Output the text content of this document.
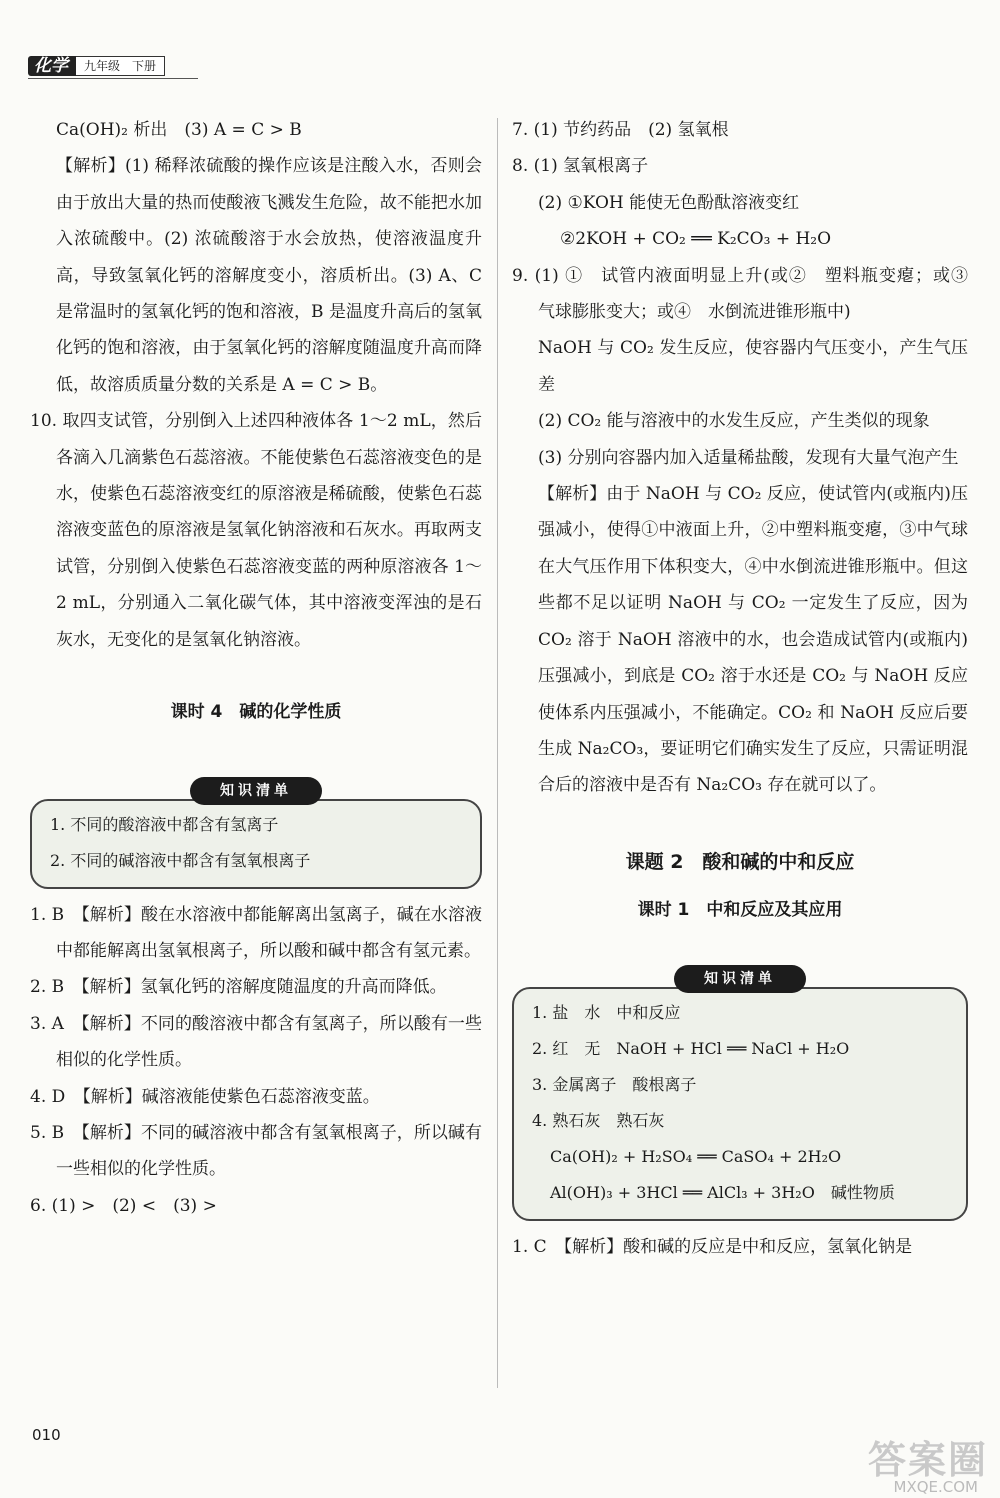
化学	九年级　下册

Ca(OH)₂ 析出　(3) A = C > B

【解析】(1) 稀释浓硫酸的操作应该是注酸入水，否则会由于放出大量的热而使酸液飞溅发生危险，故不能把水加入浓硫酸中。(2) 浓硫酸溶于水会放热，使溶液温度升高，导致氢氧化钙的溶解度变小，溶质析出。(3) A、C 是常温时的氢氧化钙的饱和溶液，B 是温度升高后的氢氧化钙的饱和溶液，由于氢氧化钙的溶解度随温度升高而降低，故溶质质量分数的关系是 A = C > B。

10. 取四支试管，分别倒入上述四种液体各 1～2 mL，然后各滴入几滴紫色石蕊溶液。不能使紫色石蕊溶液变色的是水，使紫色石蕊溶液变红的原溶液是稀硫酸，使紫色石蕊溶液变蓝色的原溶液是氢氧化钠溶液和石灰水。再取两支试管，分别倒入使紫色石蕊溶液变蓝的两种原溶液各 1～2 mL，分别通入二氧化碳气体，其中溶液变浑浊的是石灰水，无变化的是氢氧化钠溶液。

课时 4　碱的化学性质

知识清单
1. 不同的酸溶液中都含有氢离子
2. 不同的碱溶液中都含有氢氧根离子

1. B　【解析】酸在水溶液中都能解离出氢离子，碱在水溶液中都能解离出氢氧根离子，所以酸和碱中都含有氢元素。

2. B　【解析】氢氧化钙的溶解度随温度的升高而降低。

3. A　【解析】不同的酸溶液中都含有氢离子，所以酸有一些相似的化学性质。

4. D　【解析】碱溶液能使紫色石蕊溶液变蓝。

5. B　【解析】不同的碱溶液中都含有氢氧根离子，所以碱有一些相似的化学性质。

6. (1) >　(2) <　(3) >

7. (1) 节约药品　(2) 氢氧根

8. (1) 氢氧根离子

(2) ①KOH 能使无色酚酞溶液变红

②2KOH + CO₂ ══ K₂CO₃ + H₂O

9. (1) ①　试管内液面明显上升(或②　塑料瓶变瘪；或③　气球膨胀变大；或④　水倒流进锥形瓶中)

NaOH 与 CO₂ 发生反应，使容器内气压变小，产生气压差

(2) CO₂ 能与溶液中的水发生反应，产生类似的现象

(3) 分别向容器内加入适量稀盐酸，发现有大量气泡产生

【解析】由于 NaOH 与 CO₂ 反应，使试管内(或瓶内)压强减小，使得①中液面上升，②中塑料瓶变瘪，③中气球在大气压作用下体积变大，④中水倒流进锥形瓶中。但这些都不足以证明 NaOH 与 CO₂ 一定发生了反应，因为 CO₂ 溶于 NaOH 溶液中的水，也会造成试管内(或瓶内)压强减小，到底是 CO₂ 溶于水还是 CO₂ 与 NaOH 反应使体系内压强减小，不能确定。CO₂ 和 NaOH 反应后要生成 Na₂CO₃，要证明它们确实发生了反应，只需证明混合后的溶液中是否有 Na₂CO₃ 存在就可以了。

课题 2　酸和碱的中和反应

课时 1　中和反应及其应用

知识清单
1. 盐　水　中和反应
2. 红　无　NaOH + HCl ══ NaCl + H₂O
3. 金属离子　酸根离子
4. 熟石灰　熟石灰
Ca(OH)₂ + H₂SO₄ ══ CaSO₄ + 2H₂O
Al(OH)₃ + 3HCl ══ AlCl₃ + 3H₂O　碱性物质

1. C　【解析】酸和碱的反应是中和反应，氢氧化钠是

010
答案圈
MXQE.COM
